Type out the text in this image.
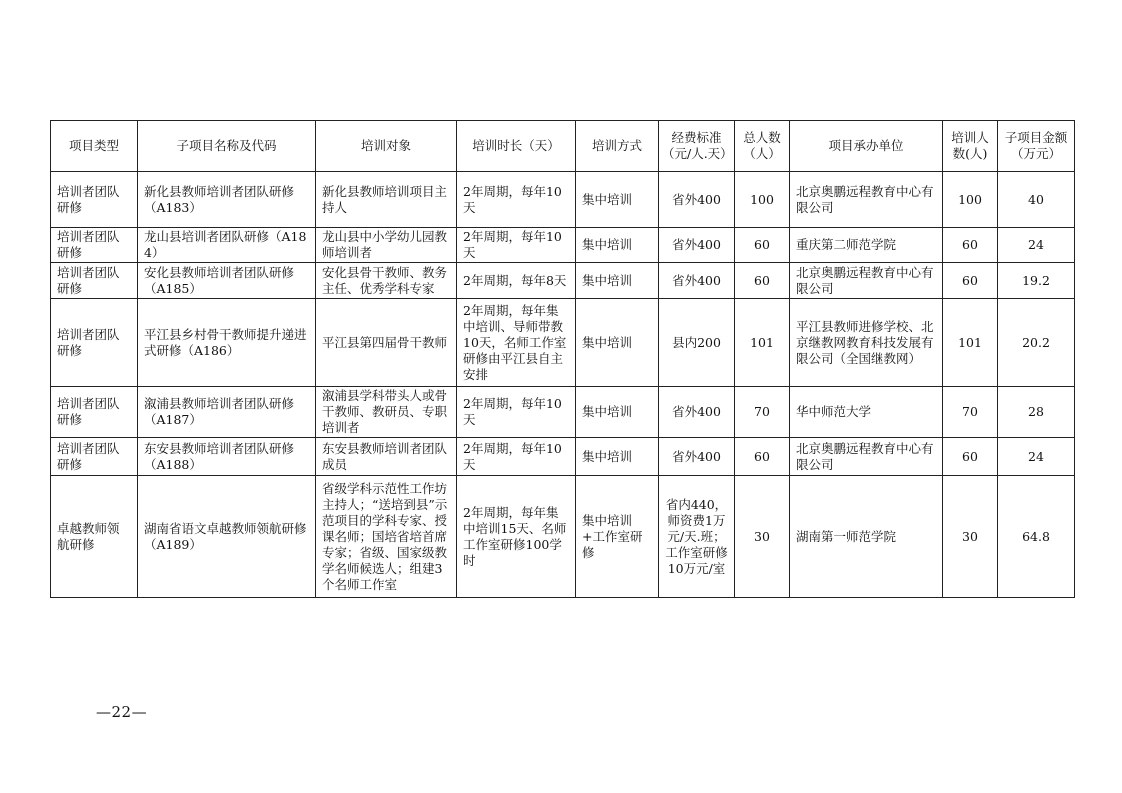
项目类型	子项目名称及代码	培训对象	培训时长（天）	培训方式	经费标准（元/人.天）	总人数（人）	项目承办单位	培训人数(人)	子项目金额（万元）
培训者团队研修	新化县教师培训者团队研修（A183）	新化县教师培训项目主持人	2年周期，每年10天	集中培训	省外400	100	北京奥鹏远程教育中心有限公司	100	40
培训者团队研修	龙山县培训者团队研修（A184）	龙山县中小学幼儿园教师培训者	2年周期，每年10天	集中培训	省外400	60	重庆第二师范学院	60	24
培训者团队研修	安化县教师培训者团队研修（A185）	安化县骨干教师、教务主任、优秀学科专家	2年周期，每年8天	集中培训	省外400	60	北京奥鹏远程教育中心有限公司	60	19.2
培训者团队研修	平江县乡村骨干教师提升递进式研修（A186）	平江县第四届骨干教师	2年周期，每年集中培训、导师带教10天，名师工作室研修由平江县自主安排	集中培训	县内200	101	平江县教师进修学校、北京继教网教育科技发展有限公司（全国继教网）	101	20.2
培训者团队研修	溆浦县教师培训者团队研修（A187）	溆浦县学科带头人或骨干教师、教研员、专职培训者	2年周期，每年10天	集中培训	省外400	70	华中师范大学	70	28
培训者团队研修	东安县教师培训者团队研修（A188）	东安县教师培训者团队成员	2年周期，每年10天	集中培训	省外400	60	北京奥鹏远程教育中心有限公司	60	24
卓越教师领航研修	湖南省语文卓越教师领航研修（A189）	省级学科示范性工作坊主持人；“送培到县”示范项目的学科专家、授课名师；国培省培首席专家；省级、国家级教学名师候选人；组建3个名师工作室	2年周期，每年集中培训15天、名师工作室研修100学时	集中培训+工作室研修	省内440，师资费1万元/天.班；工作室研修10万元/室	30	湖南第一师范学院	30	64.8
—22—
